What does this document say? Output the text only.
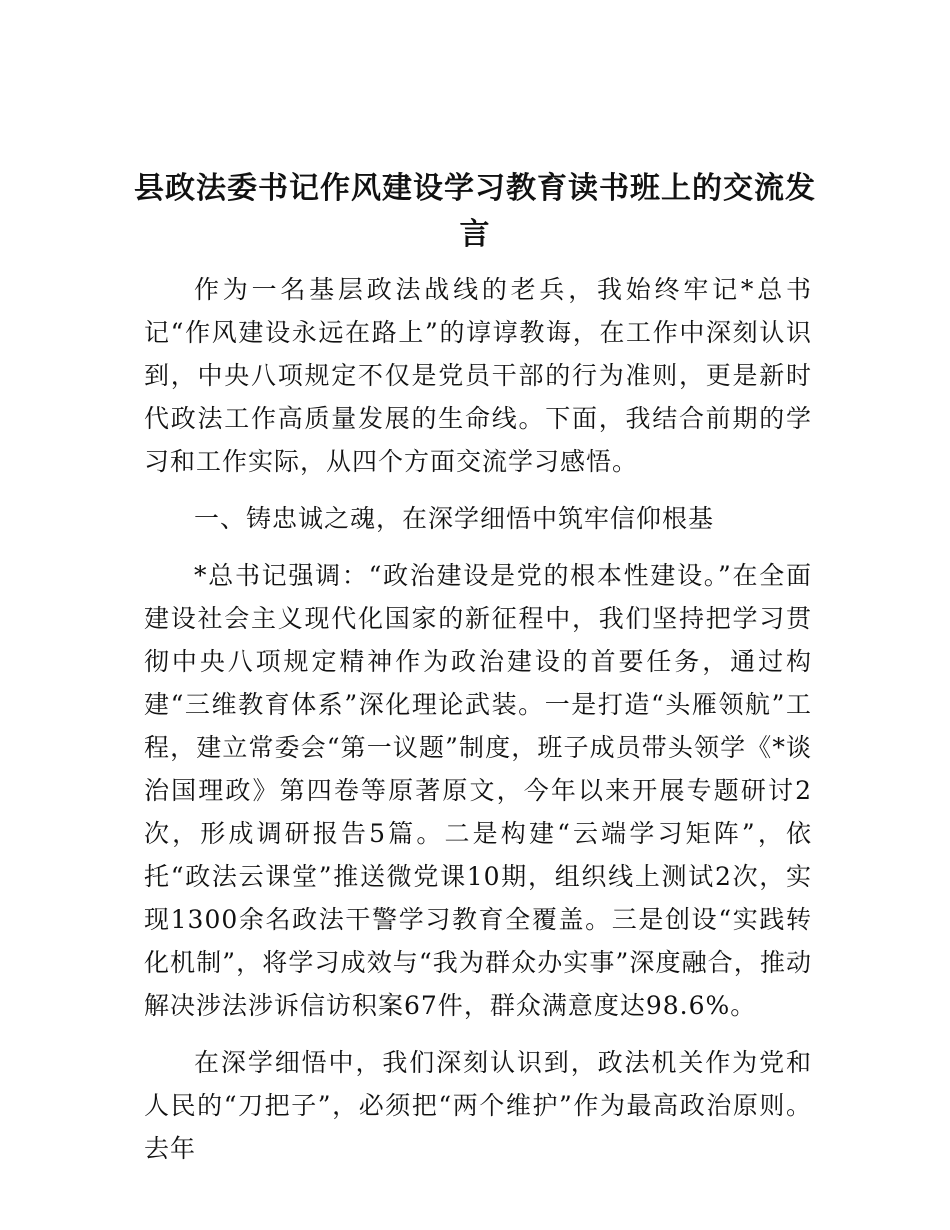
县政法委书记作风建设学习教育读书班上的交流发言

作为一名基层政法战线的老兵，我始终牢记*总书记“作风建设永远在路上”的谆谆教诲，在工作中深刻认识到，中央八项规定不仅是党员干部的行为准则，更是新时代政法工作高质量发展的生命线。下面，我结合前期的学习和工作实际，从四个方面交流学习感悟。

一、铸忠诚之魂，在深学细悟中筑牢信仰根基

*总书记强调：“政治建设是党的根本性建设。”在全面建设社会主义现代化国家的新征程中，我们坚持把学习贯彻中央八项规定精神作为政治建设的首要任务，通过构建“三维教育体系”深化理论武装。一是打造“头雁领航”工程，建立常委会“第一议题”制度，班子成员带头领学《*谈治国理政》第四卷等原著原文，今年以来开展专题研讨2次，形成调研报告5篇。二是构建“云端学习矩阵”，依托“政法云课堂”推送微党课10期，组织线上测试2次，实现1300余名政法干警学习教育全覆盖。三是创设“实践转化机制”，将学习成效与“我为群众办实事”深度融合，推动解决涉法涉诉信访积案67件，群众满意度达98.6%。

在深学细悟中，我们深刻认识到，政法机关作为党和人民的“刀把子”，必须把“两个维护”作为最高政治原则。去年
